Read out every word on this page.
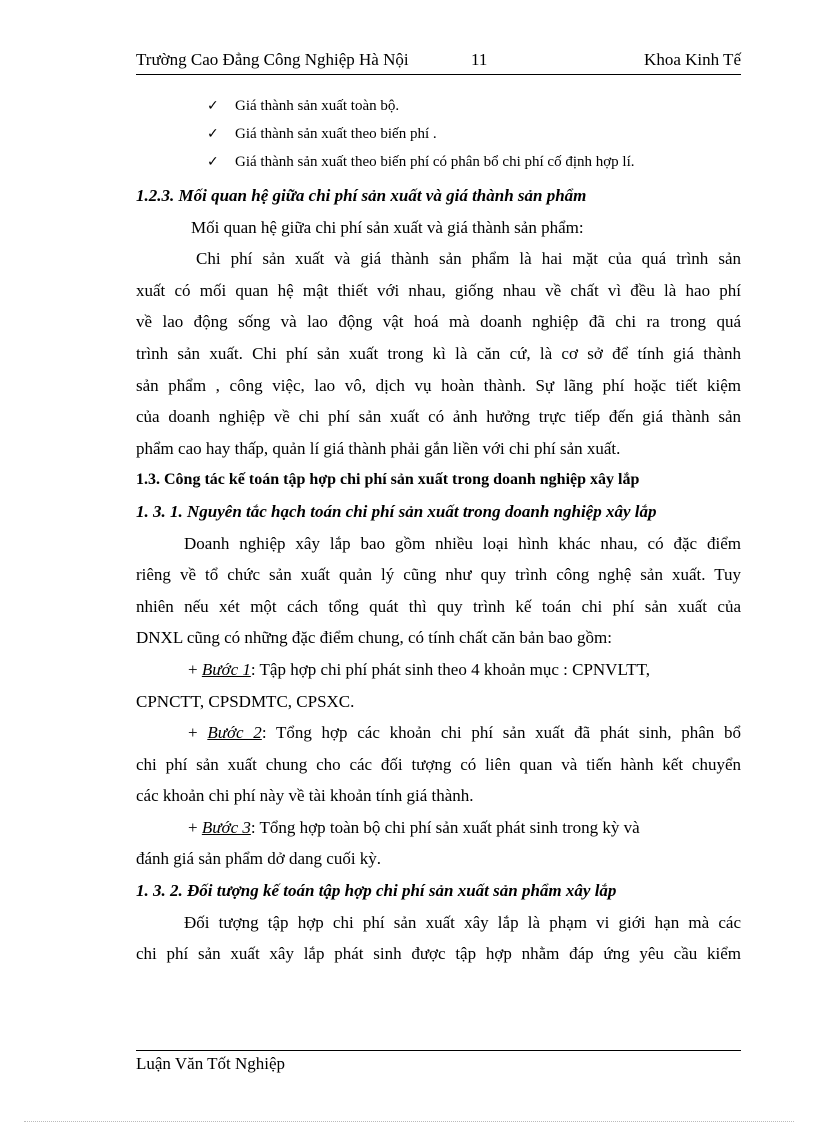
Trường Cao Đẳng Công Nghiệp Hà Nội	11	Khoa Kinh Tế
✓ Giá thành sản xuất toàn bộ.
✓ Giá thành sản xuất theo biến phí .
✓ Giá thành sản xuất theo biến phí có phân bổ chi phí cố định hợp lí.
1.2.3. Mối quan hệ giữa chi phí sản xuất và giá thành sản phẩm
Mối quan hệ giữa chi phí sản xuất và giá thành sản phẩm:
Chi phí sản xuất và giá thành sản phẩm là hai mặt của quá trình sản
xuất có mối quan hệ mật thiết với nhau, giống nhau về chất vì đều là hao phí
về lao động sống và lao động vật hoá mà doanh nghiệp đã chi ra trong quá
trình sản xuất. Chi phí sản xuất trong kì là căn cứ, là cơ sở để tính giá thành
sản phẩm , công việc, lao vô, dịch vụ hoàn thành. Sự lãng phí hoặc tiết kiệm
của doanh nghiệp về chi phí sản xuất có ảnh hưởng trực tiếp đến giá thành sản
phẩm cao hay thấp, quản lí giá thành phải gắn liền với chi phí sản xuất.
1.3. Công tác kế toán tập hợp chi phí sản xuất trong doanh nghiệp xây lắp
1. 3. 1. Nguyên tắc hạch toán chi phí sản xuất trong doanh nghiệp xây lắp
Doanh nghiệp xây lắp bao gồm nhiều loại hình khác nhau, có đặc điểm
riêng về tổ chức sản xuất quản lý cũng như quy trình công nghệ sản xuất. Tuy
nhiên nếu xét một cách tổng quát thì quy trình kế toán chi phí sản xuất của
DNXL cũng có những đặc điểm chung, có tính chất căn bản bao gồm:
+ Bước 1: Tập hợp chi phí phát sinh theo 4 khoản mục : CPNVLTT,
CPNCTT, CPSDMTC, CPSXC.
+ Bước 2: Tổng hợp các khoản chi phí sản xuất đã phát sinh, phân bổ
chi phí sản xuất chung cho các đối tượng có liên quan và tiến hành kết chuyển
các khoản chi phí này về tài khoản tính giá thành.
+ Bước 3: Tổng hợp toàn bộ chi phí sản xuất phát sinh trong kỳ và
đánh giá sản phẩm dở dang cuối kỳ.
1. 3. 2. Đối tượng kế toán tập hợp chi phí sản xuất sản phẩm xây lắp
Đối tượng tập hợp chi phí sản xuất xây lắp là phạm vi giới hạn mà các
chi phí sản xuất xây lắp phát sinh được tập hợp nhằm đáp ứng yêu cầu kiểm
Luận Văn Tốt Nghiệp
